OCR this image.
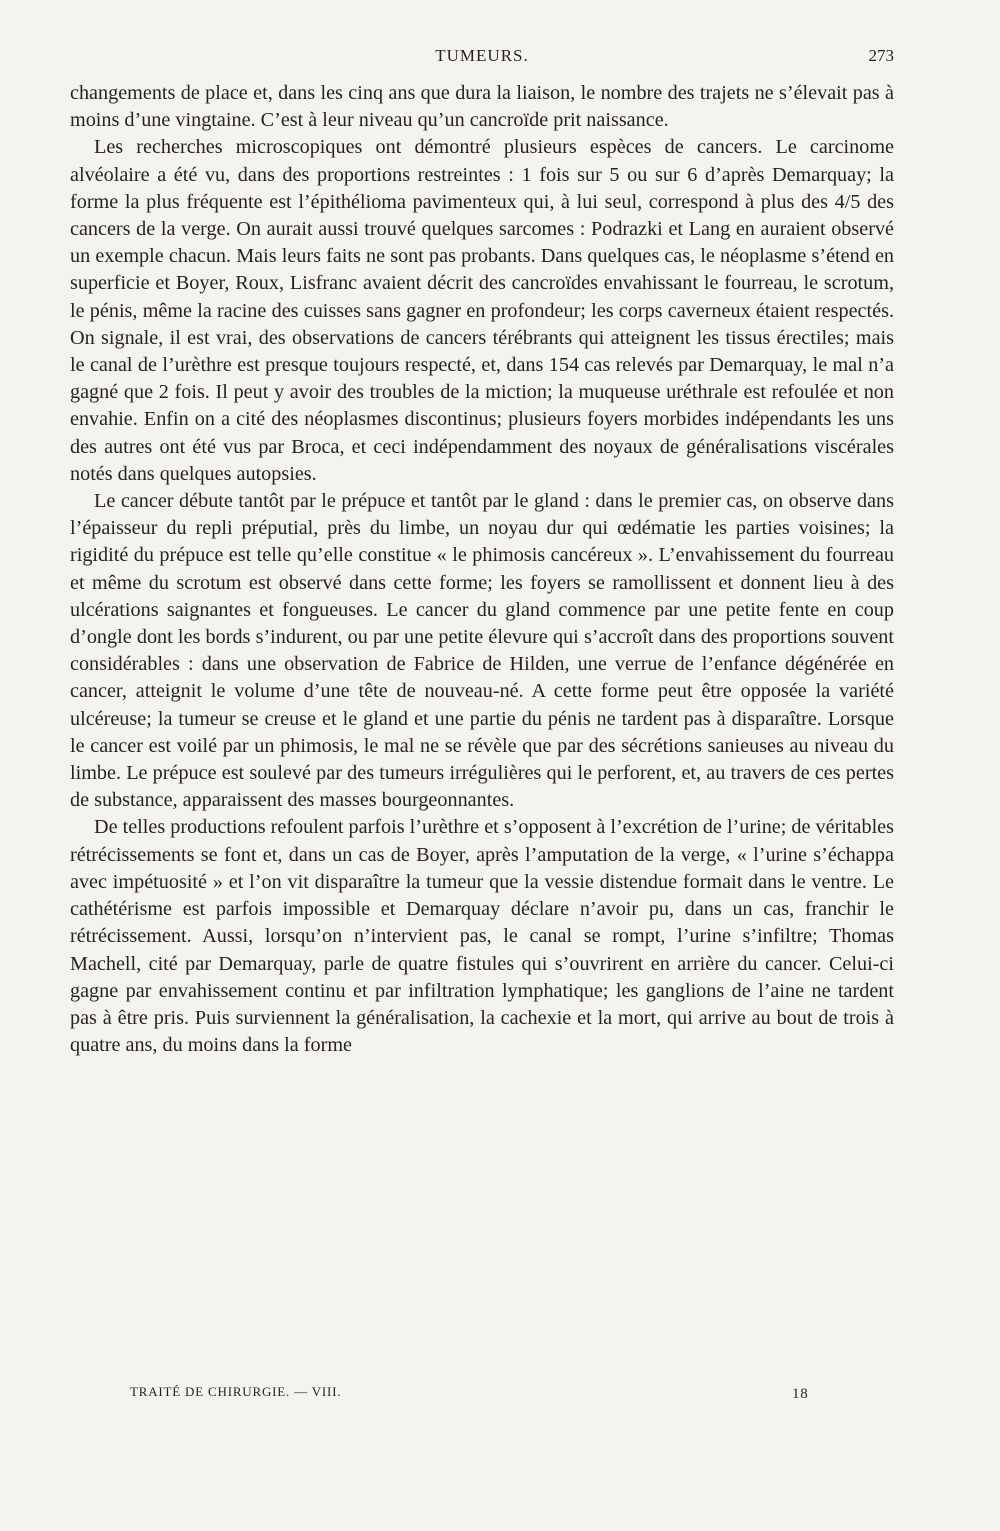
TUMEURS.	273

changements de place et, dans les cinq ans que dura la liaison, le nombre des trajets ne s’élevait pas à moins d’une vingtaine. C’est à leur niveau qu’un cancroïde prit naissance.

Les recherches microscopiques ont démontré plusieurs espèces de cancers. Le carcinome alvéolaire a été vu, dans des proportions restreintes : 1 fois sur 5 ou sur 6 d’après Demarquay; la forme la plus fréquente est l’épithélioma pavimenteux qui, à lui seul, correspond à plus des 4/5 des cancers de la verge. On aurait aussi trouvé quelques sarcomes : Podrazki et Lang en auraient observé un exemple chacun. Mais leurs faits ne sont pas probants. Dans quelques cas, le néoplasme s’étend en superficie et Boyer, Roux, Lisfranc avaient décrit des cancroïdes envahissant le fourreau, le scrotum, le pénis, même la racine des cuisses sans gagner en profondeur; les corps caverneux étaient respectés. On signale, il est vrai, des observations de cancers térébrants qui atteignent les tissus érectiles; mais le canal de l’urèthre est presque toujours respecté, et, dans 154 cas relevés par Demarquay, le mal n’a gagné que 2 fois. Il peut y avoir des troubles de la miction; la muqueuse uréthrale est refoulée et non envahie. Enfin on a cité des néoplasmes discontinus; plusieurs foyers morbides indépendants les uns des autres ont été vus par Broca, et ceci indépendamment des noyaux de généralisations viscérales notés dans quelques autopsies.

Le cancer débute tantôt par le prépuce et tantôt par le gland : dans le premier cas, on observe dans l’épaisseur du repli préputial, près du limbe, un noyau dur qui œdématie les parties voisines; la rigidité du prépuce est telle qu’elle constitue « le phimosis cancéreux ». L’envahissement du fourreau et même du scrotum est observé dans cette forme; les foyers se ramollissent et donnent lieu à des ulcérations saignantes et fongueuses. Le cancer du gland commence par une petite fente en coup d’ongle dont les bords s’indurent, ou par une petite élevure qui s’accroît dans des proportions souvent considérables : dans une observation de Fabrice de Hilden, une verrue de l’enfance dégénérée en cancer, atteignit le volume d’une tête de nouveau-né. A cette forme peut être opposée la variété ulcéreuse; la tumeur se creuse et le gland et une partie du pénis ne tardent pas à disparaître. Lorsque le cancer est voilé par un phimosis, le mal ne se révèle que par des sécrétions sanieuses au niveau du limbe. Le prépuce est soulevé par des tumeurs irrégulières qui le perforent, et, au travers de ces pertes de substance, apparaissent des masses bourgeonnantes.

De telles productions refoulent parfois l’urèthre et s’opposent à l’excrétion de l’urine; de véritables rétrécissements se font et, dans un cas de Boyer, après l’amputation de la verge, « l’urine s’échappa avec impétuosité » et l’on vit disparaître la tumeur que la vessie distendue formait dans le ventre. Le cathétérisme est parfois impossible et Demarquay déclare n’avoir pu, dans un cas, franchir le rétrécissement. Aussi, lorsqu’on n’intervient pas, le canal se rompt, l’urine s’infiltre; Thomas Machell, cité par Demarquay, parle de quatre fistules qui s’ouvrirent en arrière du cancer. Celui-ci gagne par envahissement continu et par infiltration lymphatique; les ganglions de l’aine ne tardent pas à être pris. Puis surviennent la généralisation, la cachexie et la mort, qui arrive au bout de trois à quatre ans, du moins dans la forme

TRAITÉ DE CHIRURGIE. — VIII.	18
